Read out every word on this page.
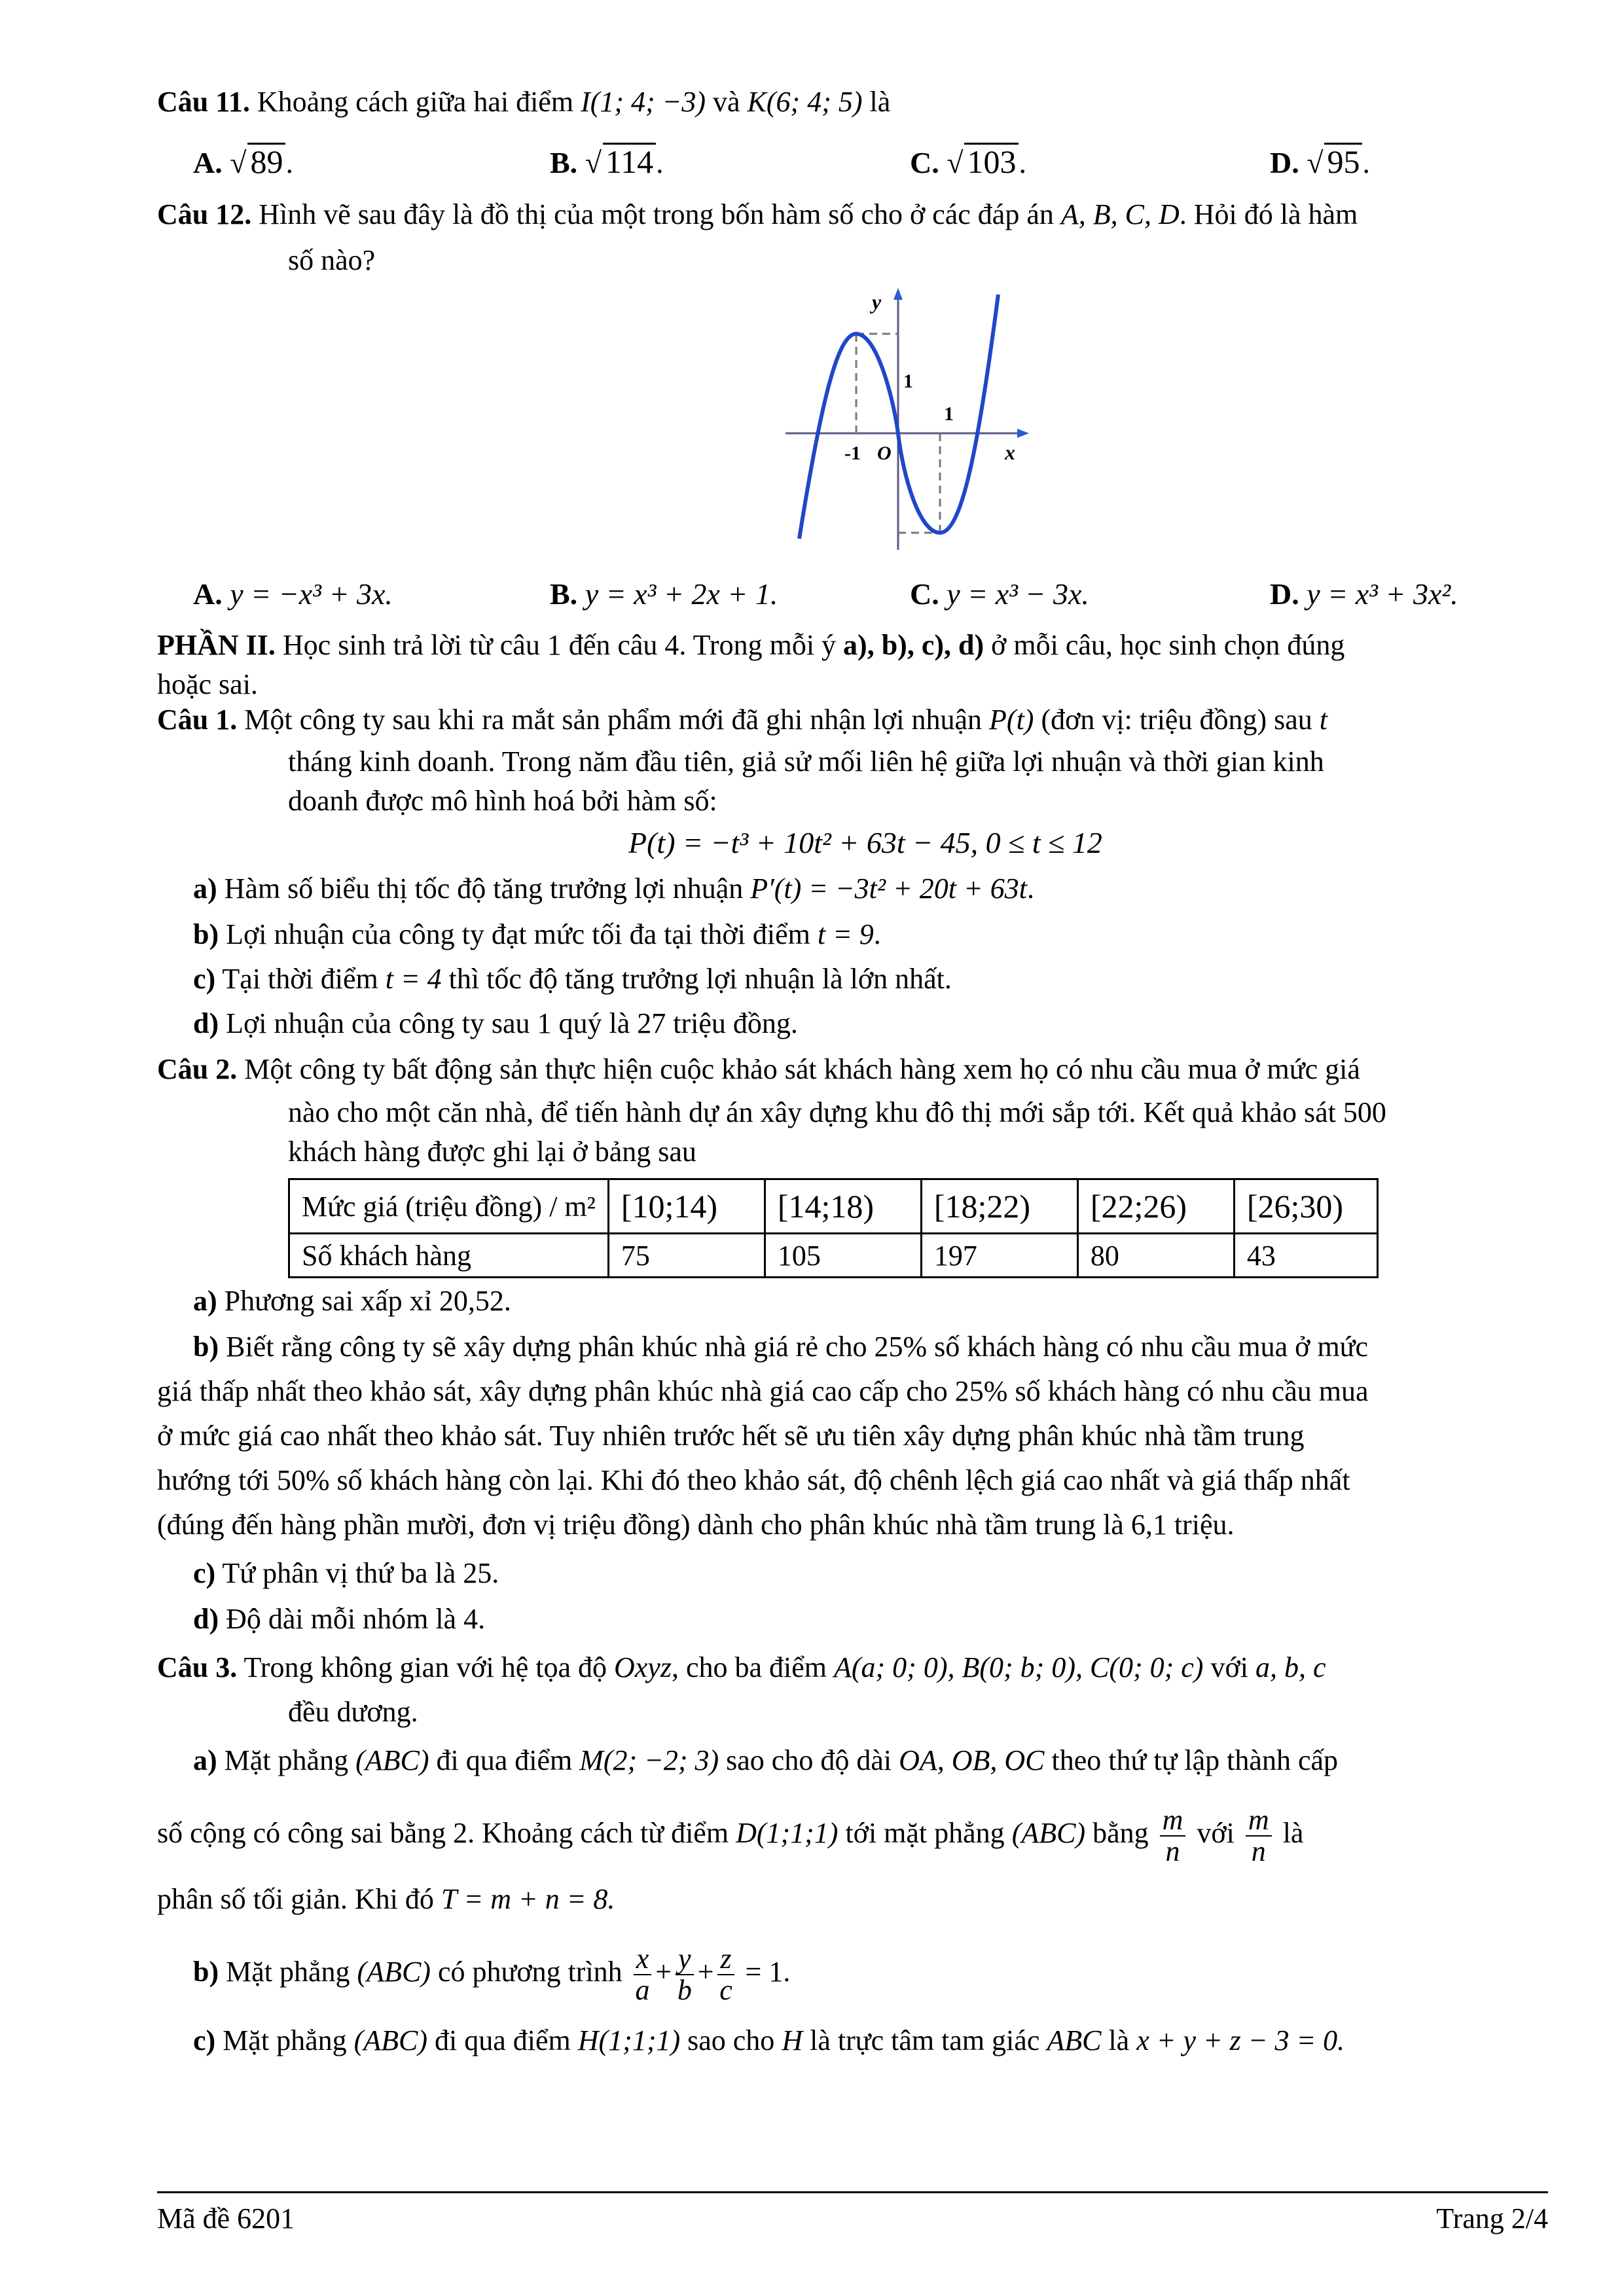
Câu 11. Khoảng cách giữa hai điểm I(1; 4; −3) và K(6; 4; 5) là
A. √ 89.	B. √ 114.	C. √ 103.	D. √ 95.
Câu 12. Hình vẽ sau đây là đồ thị của một trong bốn hàm số cho ở các đáp án A, B, C, D. Hỏi đó là hàm
số nào?
y
x
1
1
-1 O
A. y = −x³ + 3x.	B. y = x³ + 2x + 1.	C. y = x³ − 3x.	D. y = x³ + 3x².
PHẦN II. Học sinh trả lời từ câu 1 đến câu 4. Trong mỗi ý a), b), c), d) ở mỗi câu, học sinh chọn đúng
hoặc sai.
Câu 1. Một công ty sau khi ra mắt sản phẩm mới đã ghi nhận lợi nhuận P(t) (đơn vị: triệu đồng) sau t
tháng kinh doanh. Trong năm đầu tiên, giả sử mối liên hệ giữa lợi nhuận và thời gian kinh
doanh được mô hình hoá bởi hàm số:
P(t) = −t³ + 10t² + 63t − 45, 0 ≤ t ≤ 12
a) Hàm số biểu thị tốc độ tăng trưởng lợi nhuận P′(t) = −3t² + 20t + 63t.
b) Lợi nhuận của công ty đạt mức tối đa tại thời điểm t = 9.
c) Tại thời điểm t = 4 thì tốc độ tăng trưởng lợi nhuận là lớn nhất.
d) Lợi nhuận của công ty sau 1 quý là 27 triệu đồng.
Câu 2. Một công ty bất động sản thực hiện cuộc khảo sát khách hàng xem họ có nhu cầu mua ở mức giá
nào cho một căn nhà, để tiến hành dự án xây dựng khu đô thị mới sắp tới. Kết quả khảo sát 500
khách hàng được ghi lại ở bảng sau
Mức giá (triệu đồng) / m²	[10;14)	[14;18)	[18;22)	[22;26)	[26;30)
Số khách hàng	75	105	197	80	43
a) Phương sai xấp xỉ 20,52.
b) Biết rằng công ty sẽ xây dựng phân khúc nhà giá rẻ cho 25% số khách hàng có nhu cầu mua ở mức
giá thấp nhất theo khảo sát, xây dựng phân khúc nhà giá cao cấp cho 25% số khách hàng có nhu cầu mua
ở mức giá cao nhất theo khảo sát. Tuy nhiên trước hết sẽ ưu tiên xây dựng phân khúc nhà tầm trung
hướng tới 50% số khách hàng còn lại. Khi đó theo khảo sát, độ chênh lệch giá cao nhất và giá thấp nhất
(đúng đến hàng phần mười, đơn vị triệu đồng) dành cho phân khúc nhà tầm trung là 6,1 triệu.
c) Tứ phân vị thứ ba là 25.
d) Độ dài mỗi nhóm là 4.
Câu 3. Trong không gian với hệ tọa độ Oxyz, cho ba điểm A(a; 0; 0), B(0; b; 0), C(0; 0; c) với a, b, c
đều dương.
a) Mặt phẳng (ABC) đi qua điểm M(2; −2; 3) sao cho độ dài OA, OB, OC theo thứ tự lập thành cấp
số cộng có công sai bằng 2. Khoảng cách từ điểm D(1;1;1) tới mặt phẳng (ABC) bằng $\frac{m}{n}$ với $\frac{m}{n}$ là
phân số tối giản. Khi đó T = m + n = 8.
b) Mặt phẳng (ABC) có phương trình $\frac{x}{a} + \frac{y}{b} + \frac{z}{c} = 1$.
c) Mặt phẳng (ABC) đi qua điểm H(1;1;1) sao cho H là trực tâm tam giác ABC là x + y + z − 3 = 0.
Mã đề 6201	Trang 2/4
